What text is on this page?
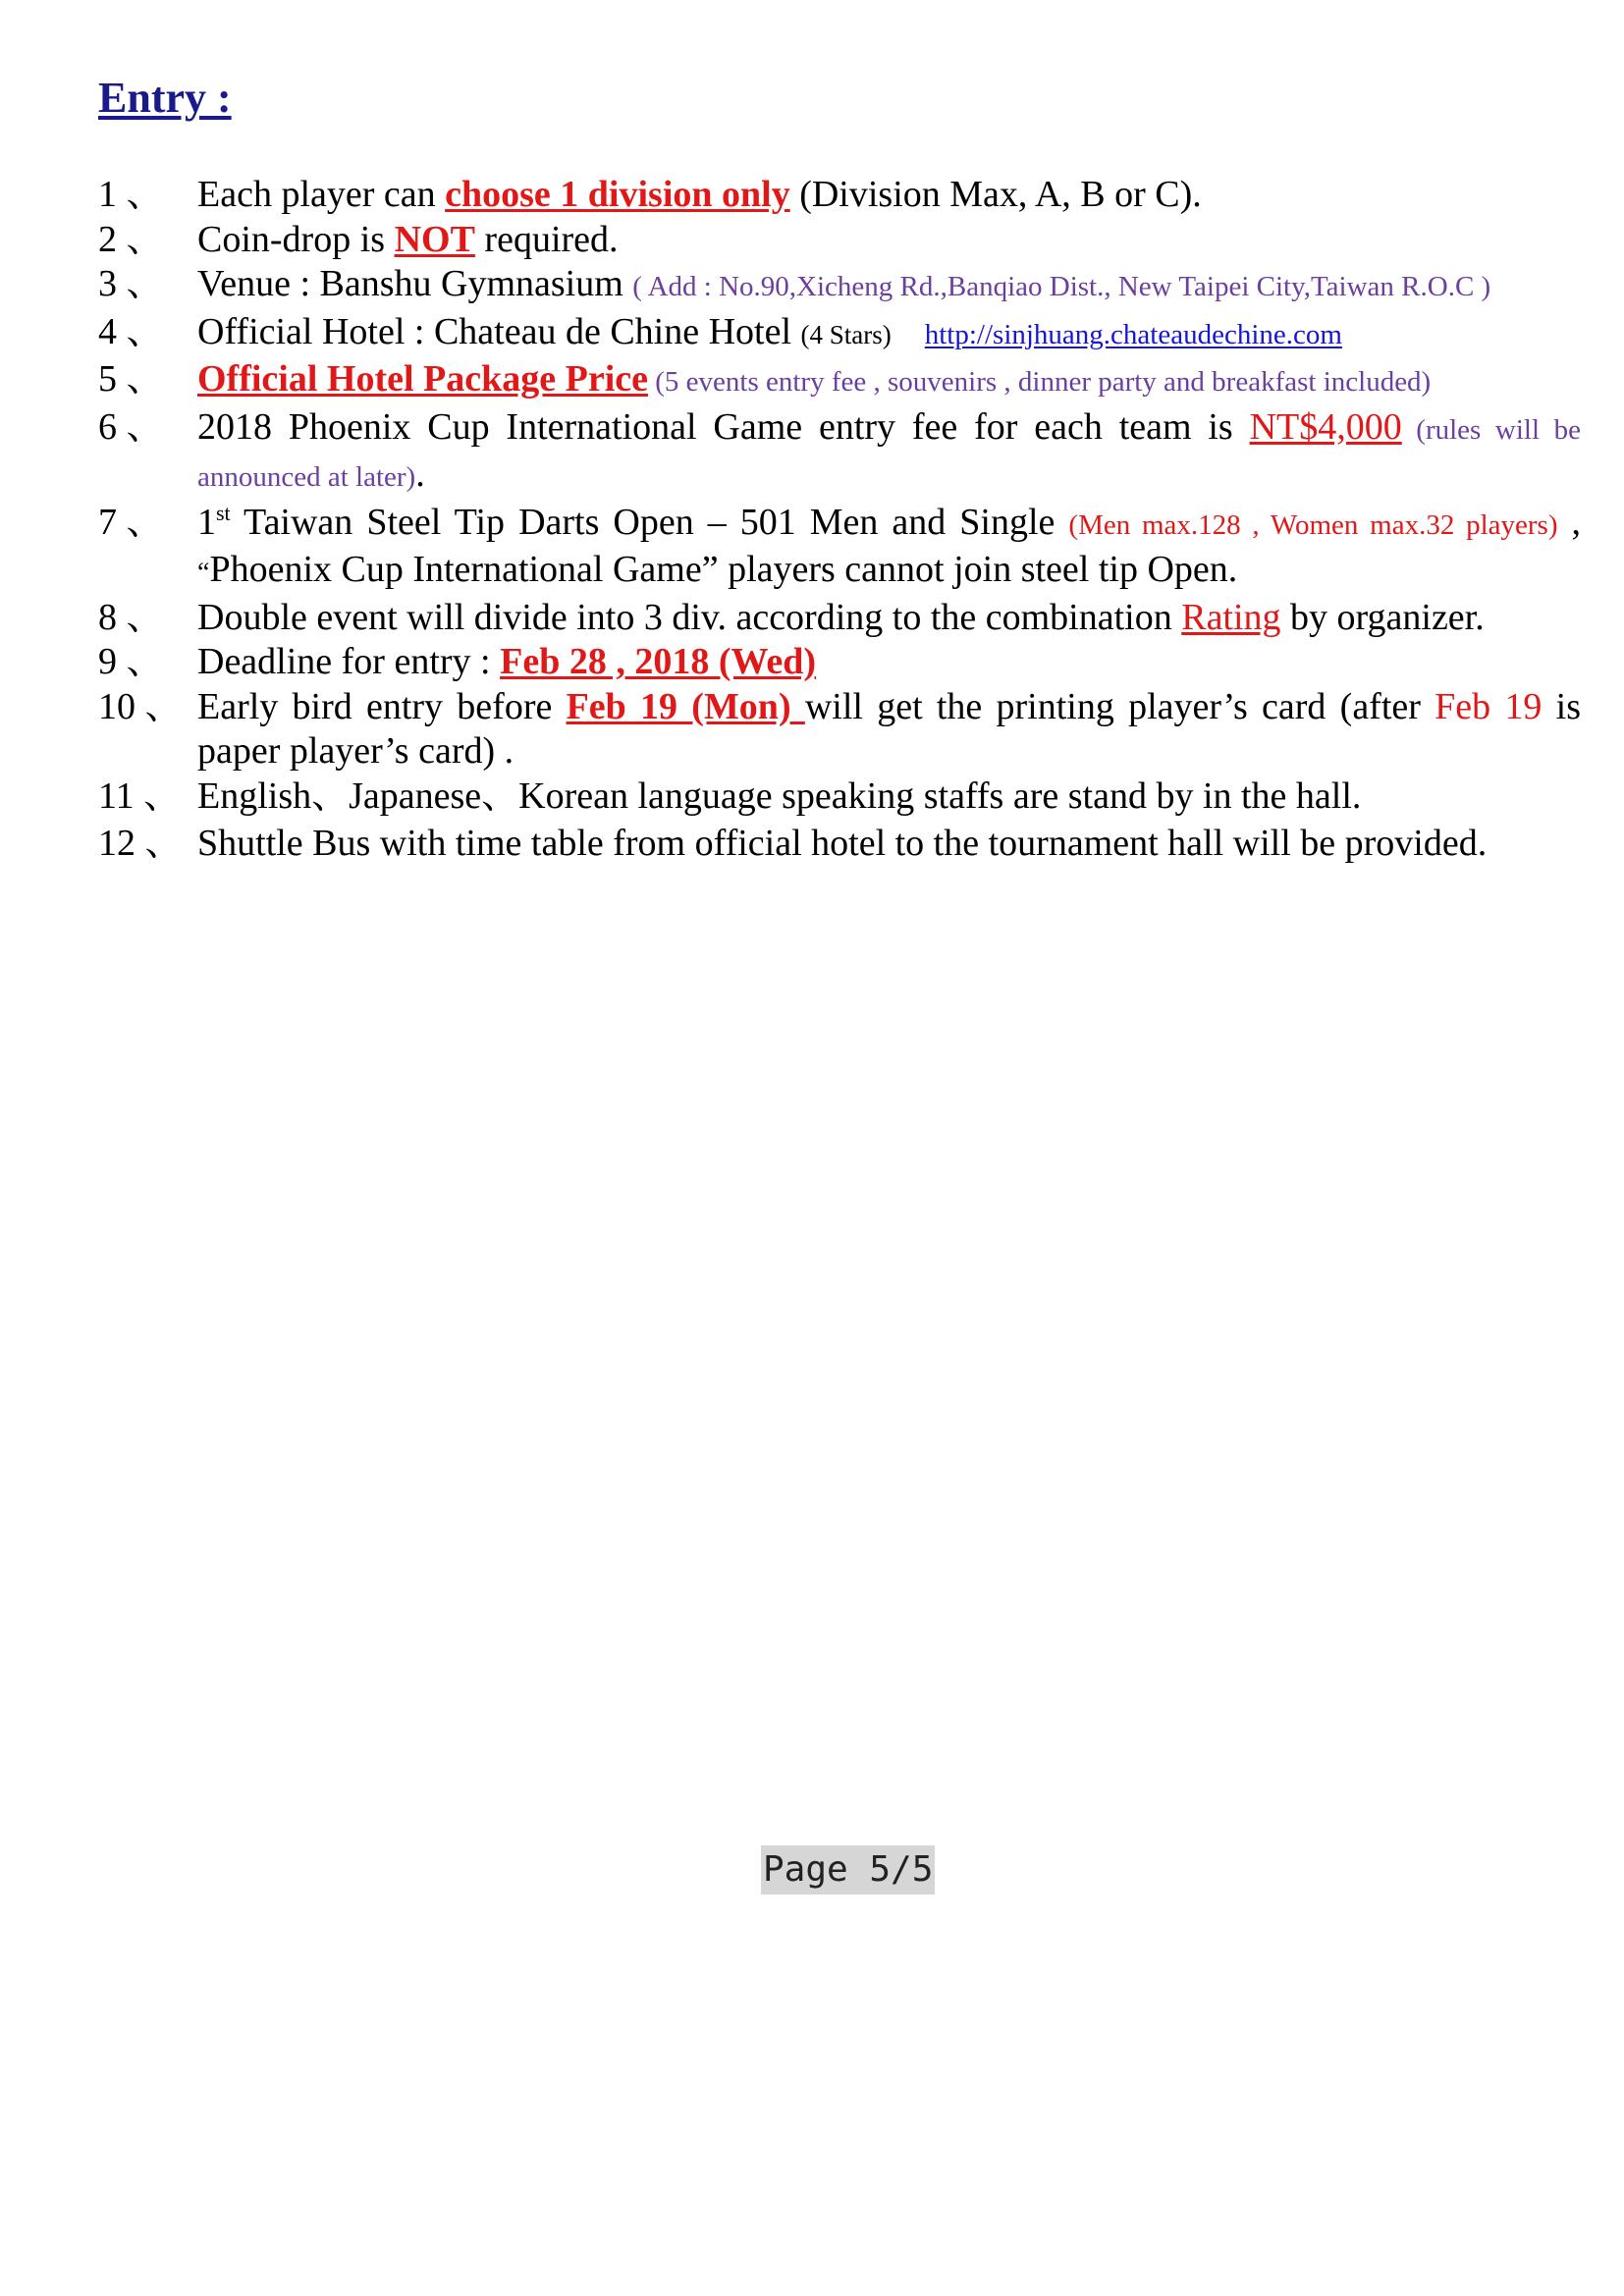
Entry :
1 、 Each player can choose 1 division only (Division Max, A, B or C).
2 、 Coin-drop is NOT required.
3 、 Venue : Banshu Gymnasium ( Add : No.90,Xicheng Rd.,Banqiao Dist., New Taipei City,Taiwan R.O.C )
4 、 Official Hotel : Chateau de Chine Hotel (4 Stars) http://sinjhuang.chateaudechine.com
5 、 Official Hotel Package Price (5 events entry fee , souvenirs , dinner party and breakfast included)
6 、 2018 Phoenix Cup International Game entry fee for each team is NT$4,000 (rules will be announced at later).
7 、 1st Taiwan Steel Tip Darts Open – 501 Men and Single (Men max.128 , Women max.32 players) , “Phoenix Cup International Game” players cannot join steel tip Open.
8 、 Double event will divide into 3 div. according to the combination Rating by organizer.
9 、 Deadline for entry : Feb 28 , 2018 (Wed)
10 、 Early bird entry before Feb 19 (Mon) will get the printing player’s card (after Feb 19 is paper player’s card) .
11 、 English、Japanese、Korean language speaking staffs are stand by in the hall.
12 、 Shuttle Bus with time table from official hotel to the tournament hall will be provided.
Page 5/5
